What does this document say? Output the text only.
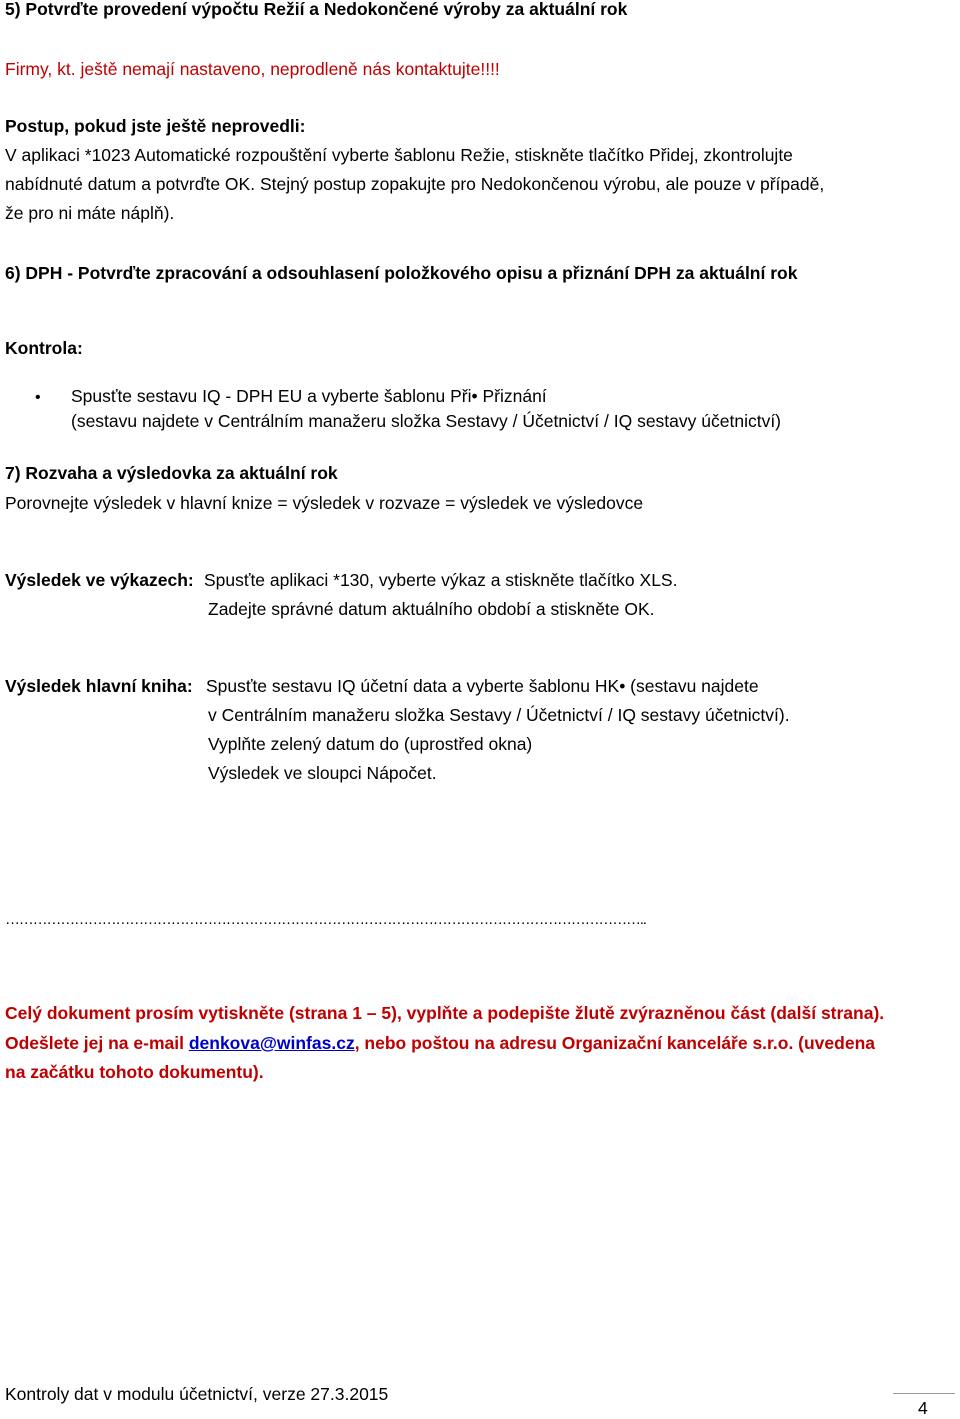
5) Potvrďte provedení výpočtu Režií a Nedokončené výroby za aktuální rok
Firmy, kt. ještě nemají nastaveno, neprodleně nás kontaktujte!!!!
Postup, pokud jste ještě neprovedli:
V aplikaci *1023 Automatické rozpouštění vyberte šablonu Režie, stiskněte tlačítko Přidej, zkontrolujte
nabídnuté datum a potvrďte OK. Stejný postup zopakujte pro Nedokončenou výrobu, ale pouze v případě,
že pro ni máte náplň).
6) DPH - Potvrďte zpracování a odsouhlasení položkového opisu a přiznání DPH za aktuální rok
Kontrola:
• Spusťte sestavu IQ - DPH EU a vyberte šablonu Při• Přiznání
(sestavu najdete v Centrálním manažeru složka Sestavy / Účetnictví / IQ sestavy účetnictví)
7) Rozvaha a výsledovka za aktuální rok
Porovnejte výsledek v hlavní knize = výsledek v rozvaze = výsledek ve výsledovce
Výsledek ve výkazech: Spusťte aplikaci *130, vyberte výkaz a stiskněte tlačítko XLS.
Zadejte správné datum aktuálního období a stiskněte OK.
Výsledek hlavní kniha: Spusťte sestavu IQ účetní data a vyberte šablonu HK• (sestavu najdete
v Centrálním manažeru složka Sestavy / Účetnictví / IQ sestavy účetnictví).
Vyplňte zelený datum do (uprostřed okna)
Výsledek ve sloupci Nápočet.
…………………………………………………………………………………………………………………………..
Celý dokument prosím vytiskněte (strana 1 – 5), vyplňte a podepište žlutě zvýrazněnou část (další strana).
Odešlete jej na e-mail denkova@winfas.cz, nebo poštou na adresu Organizační kanceláře s.r.o. (uvedena
na začátku tohoto dokumentu).
Kontroly dat v modulu účetnictví, verze 27.3.2015
4
